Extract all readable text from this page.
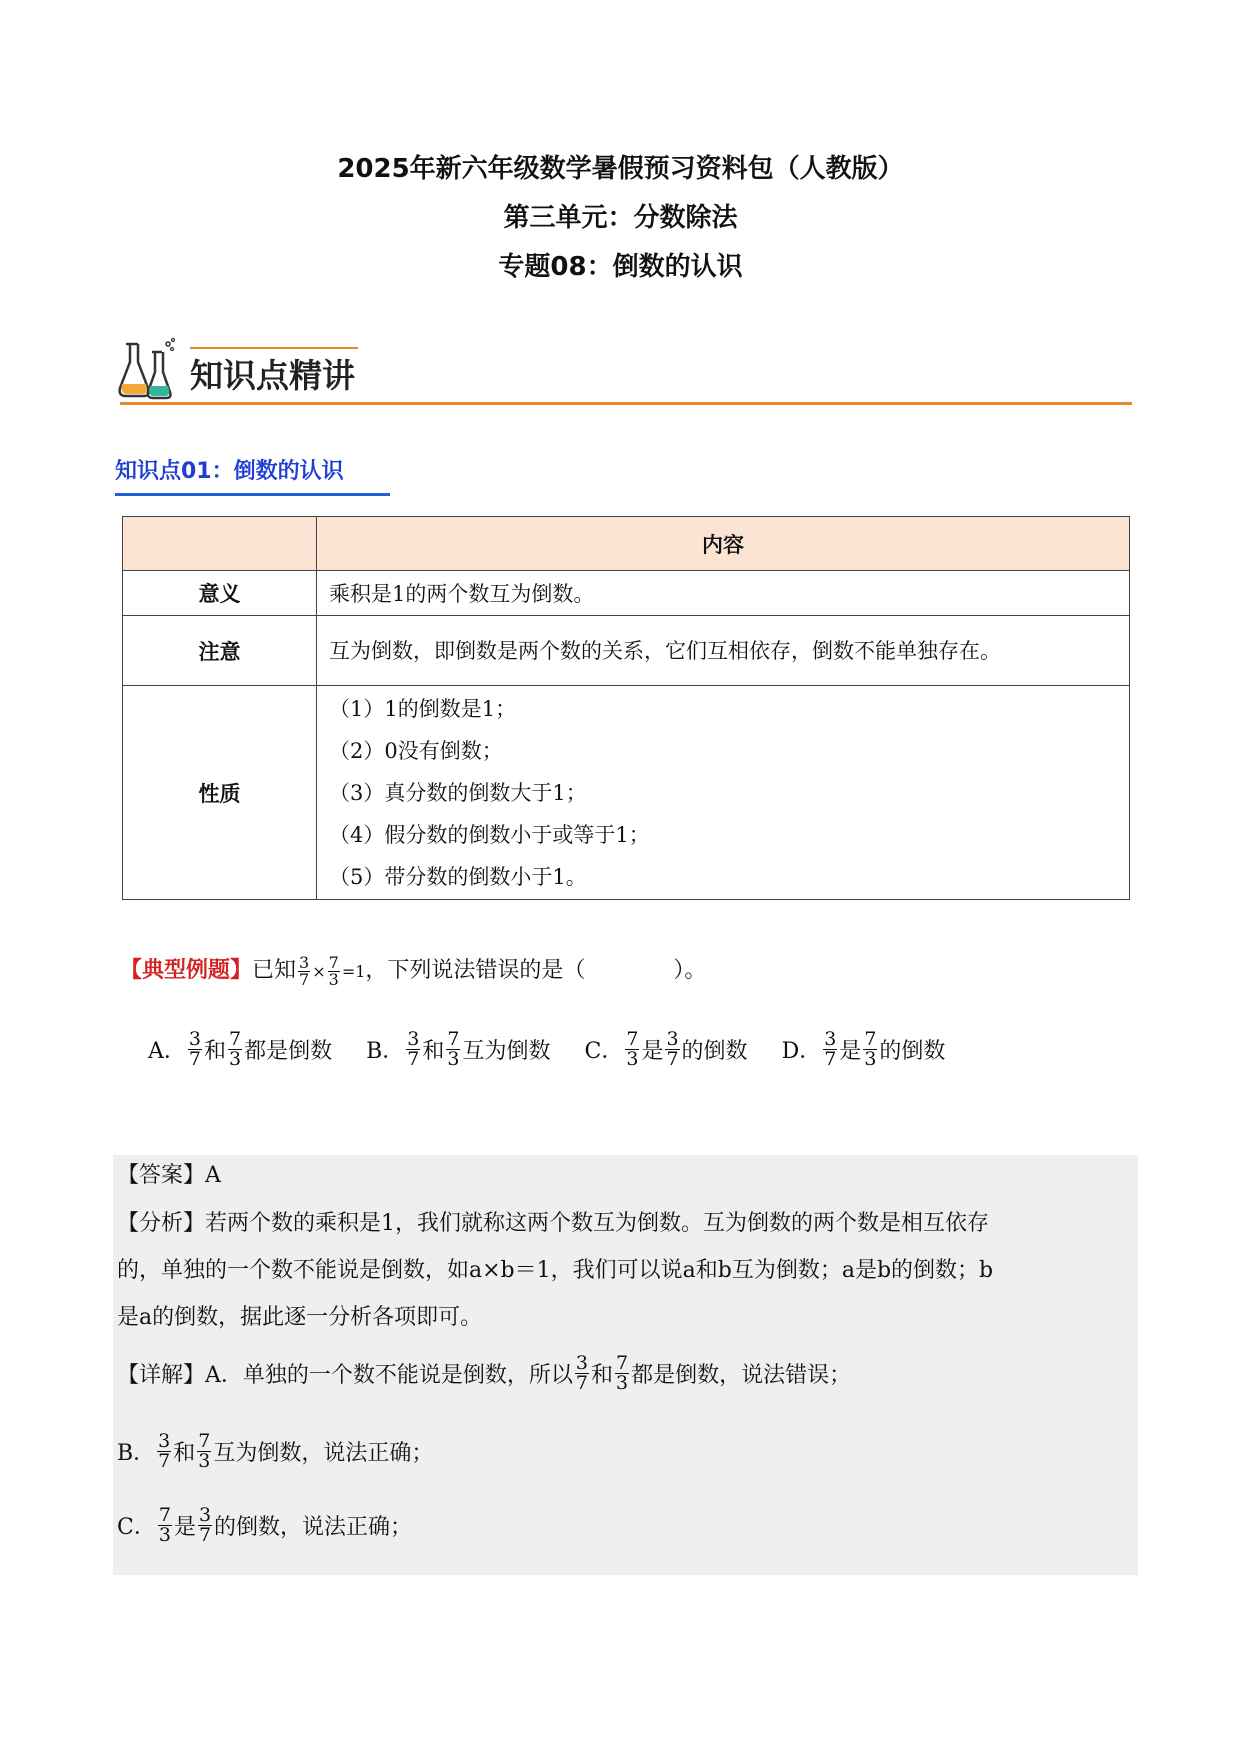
2025年新六年级数学暑假预习资料包（人教版）
第三单元：分数除法
专题08：倒数的认识
知识点精讲
知识点01：倒数的认识
	内容
意义	乘积是1的两个数互为倒数。
注意	互为倒数，即倒数是两个数的关系，它们互相依存，倒数不能单独存在。
性质	（1）1的倒数是1；
（2）0没有倒数；
（3）真分数的倒数大于1；
（4）假分数的倒数小于或等于1；
（5）带分数的倒数小于1。
【典型例题】已知 $\frac{3}{7} \times \frac{7}{3} =1$，下列说法错误的是（　　　　）。
A． $\frac{3}{7}$ 和 $\frac{7}{3}$ 都是倒数 B． $\frac{3}{7}$ 和 $\frac{7}{3}$ 互为倒数 C． $\frac{7}{3}$ 是 $\frac{3}{7}$ 的倒数 D． $\frac{3}{7}$ 是 $\frac{7}{3}$ 的倒数
【答案】A
【分析】若两个数的乘积是1，我们就称这两个数互为倒数。互为倒数的两个数是相互依存
的，单独的一个数不能说是倒数，如a×b＝1，我们可以说a和b互为倒数；a是b的倒数；b
是a的倒数，据此逐一分析各项即可。
【详解】A．单独的一个数不能说是倒数，所以 $\frac{3}{7}$ 和 $\frac{7}{3}$ 都是倒数，说法错误；
B． $\frac{3}{7}$ 和 $\frac{7}{3}$ 互为倒数，说法正确；
C． $\frac{7}{3}$ 是 $\frac{3}{7}$ 的倒数，说法正确；
